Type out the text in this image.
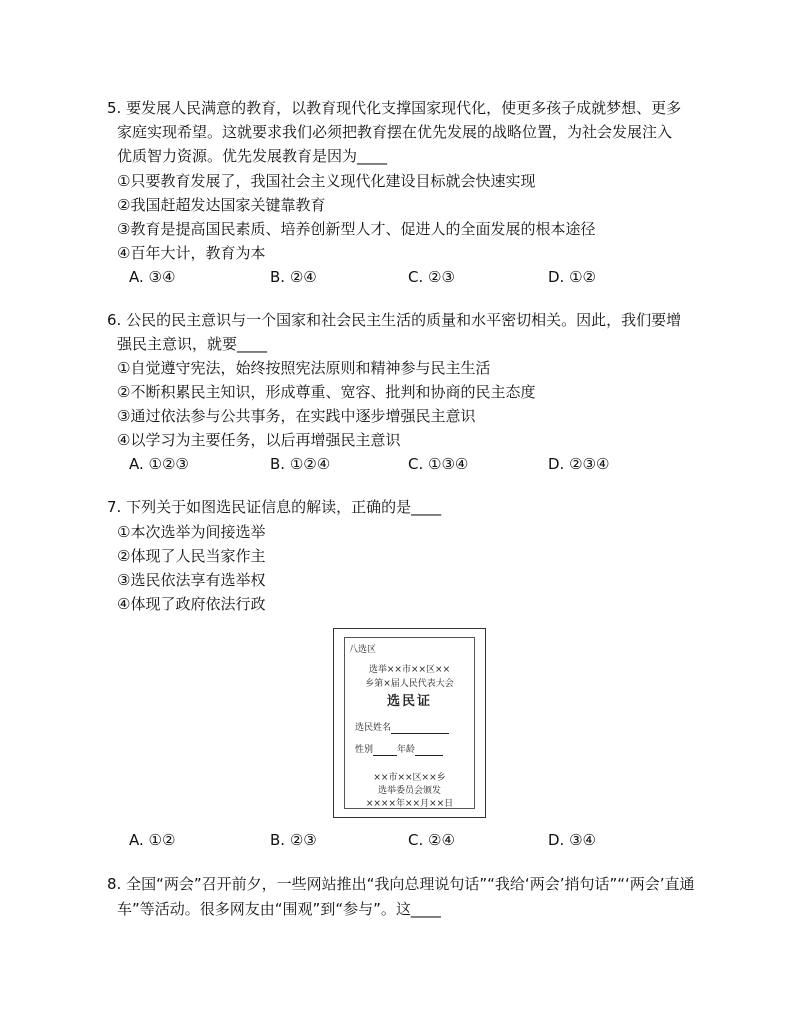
5. 要发展人民满意的教育，以教育现代化支撑国家现代化，使更多孩子成就梦想、更多
家庭实现希望。这就要求我们必须把教育摆在优先发展的战略位置，为社会发展注入
优质智力资源。优先发展教育是因为____
①只要教育发展了，我国社会主义现代化建设目标就会快速实现
②我国赶超发达国家关键靠教育
③教育是提高国民素质、培养创新型人才、促进人的全面发展的根本途径
④百年大计，教育为本
A. ③④	B. ②④	C. ②③	D. ①②
6. 公民的民主意识与一个国家和社会民主生活的质量和水平密切相关。因此，我们要增
强民主意识，就要____
①自觉遵守宪法，始终按照宪法原则和精神参与民主生活
②不断积累民主知识，形成尊重、宽容、批判和协商的民主态度
③通过依法参与公共事务，在实践中逐步增强民主意识
④以学习为主要任务，以后再增强民主意识
A. ①②③	B. ①②④	C. ①③④	D. ②③④
7. 下列关于如图选民证信息的解读，正确的是____
①本次选举为间接选举
②体现了人民当家作主
③选民依法享有选举权
④体现了政府依法行政
八选区
选举××市××区××
乡第×届人民代表大会
选民证
选民姓名
性别	年龄
××市××区××乡
选举委员会颁发
××××年××月××日
A. ①②	B. ②③	C. ②④	D. ③④
8. 全国“两会”召开前夕，一些网站推出“我向总理说句话”“我给‘两会’捎句话”“‘两会’直通
车”等活动。很多网友由“围观”到“参与”。这____
